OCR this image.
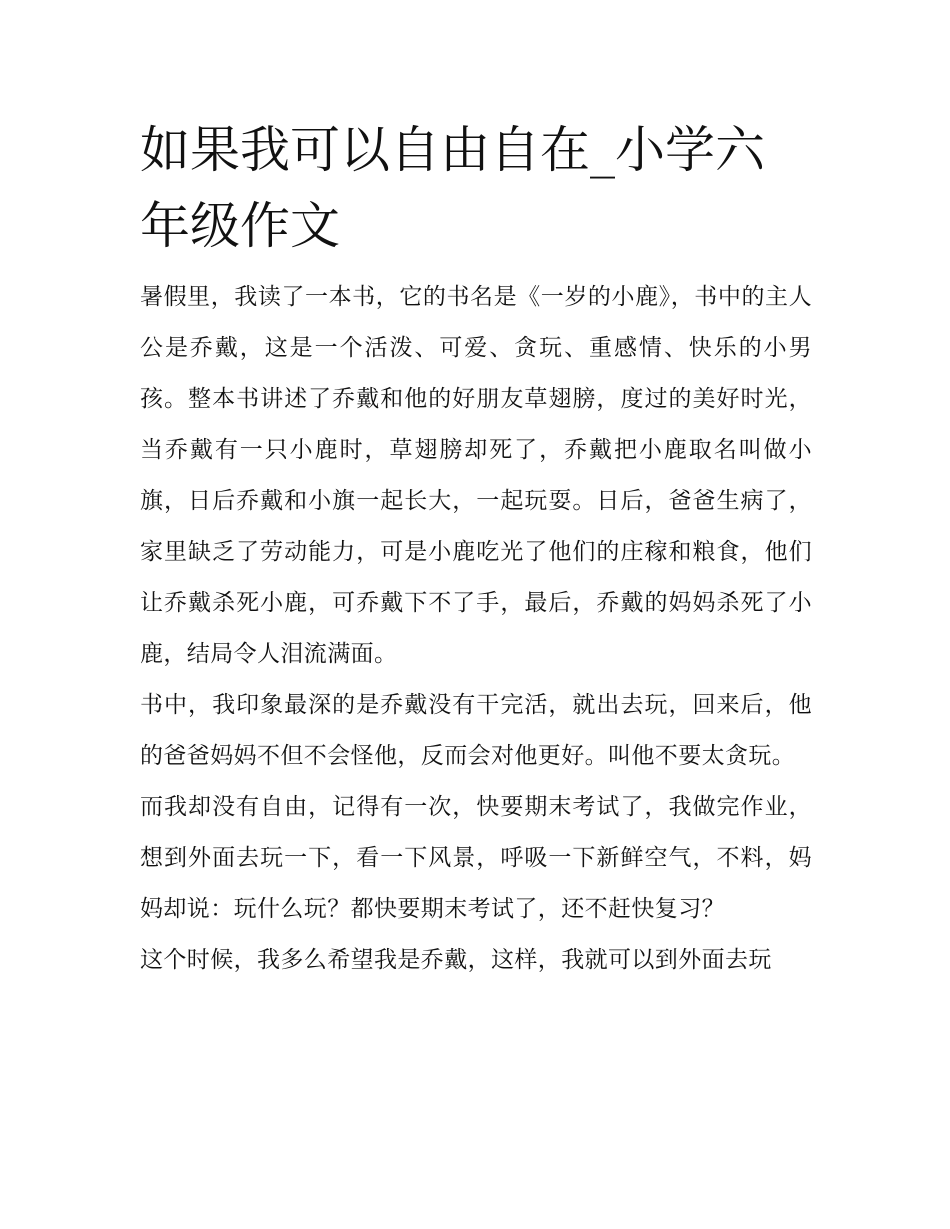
如果我可以自由自在_小学六年级作文

暑假里，我读了一本书，它的书名是《一岁的小鹿》，书中的主人公是乔戴，这是一个活泼、可爱、贪玩、重感情、快乐的小男孩。整本书讲述了乔戴和他的好朋友草翅膀，度过的美好时光，当乔戴有一只小鹿时，草翅膀却死了，乔戴把小鹿取名叫做小旗，日后乔戴和小旗一起长大，一起玩耍。日后，爸爸生病了，家里缺乏了劳动能力，可是小鹿吃光了他们的庄稼和粮食，他们让乔戴杀死小鹿，可乔戴下不了手，最后，乔戴的妈妈杀死了小鹿，结局令人泪流满面。

书中，我印象最深的是乔戴没有干完活，就出去玩，回来后，他的爸爸妈妈不但不会怪他，反而会对他更好。叫他不要太贪玩。

而我却没有自由，记得有一次，快要期末考试了，我做完作业，想到外面去玩一下，看一下风景，呼吸一下新鲜空气，不料，妈妈却说：玩什么玩？都快要期末考试了，还不赶快复习？

这个时候，我多么希望我是乔戴，这样，我就可以到外面去玩
